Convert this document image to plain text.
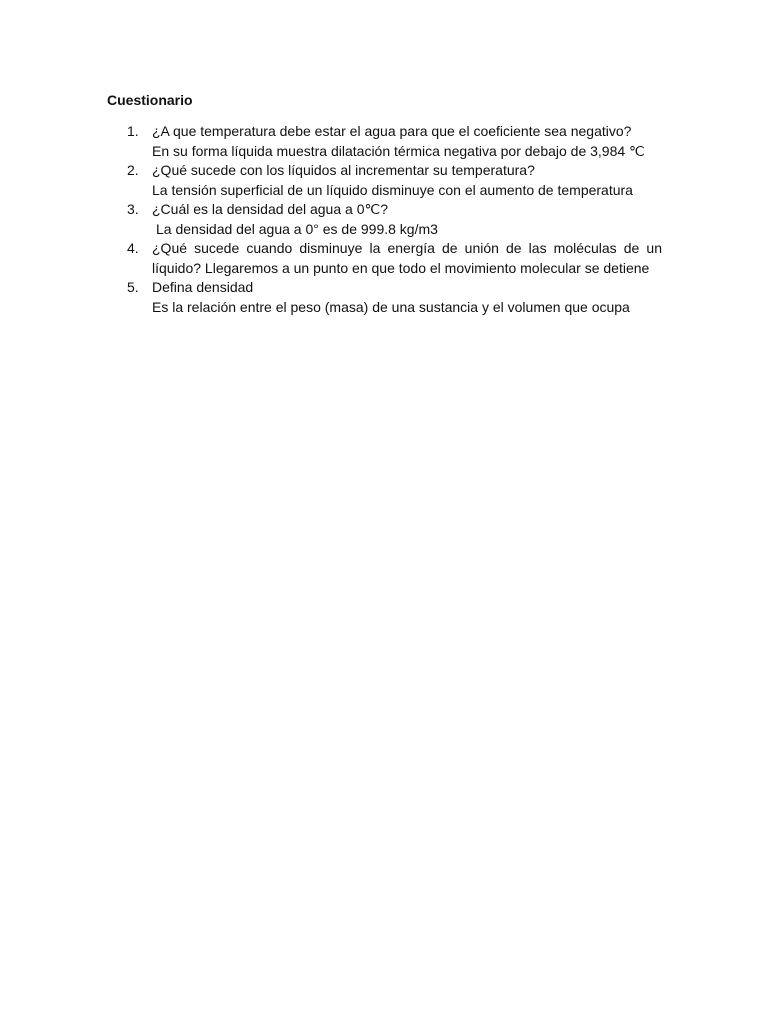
Cuestionario
1. ¿A que temperatura debe estar el agua para que el coeficiente sea negativo?
En su forma líquida muestra dilatación térmica negativa por debajo de 3,984 ℃
2. ¿Qué sucede con los líquidos al incrementar su temperatura?
La tensión superficial de un líquido disminuye con el aumento de temperatura
3. ¿Cuál es la densidad del agua a 0℃?
La densidad del agua a 0° es de 999.8 kg/m3
4. ¿Qué sucede cuando disminuye la energía de unión de las moléculas de un líquido? Llegaremos a un punto en que todo el movimiento molecular se detiene
5. Defina densidad
Es la relación entre el peso (masa) de una sustancia y el volumen que ocupa
